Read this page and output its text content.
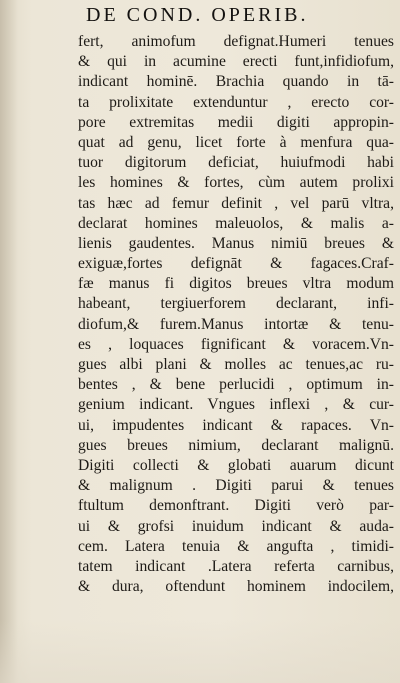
DE COND. OPERIB.
fert, animofum defignat.Humeri tenues
& qui in acumine erecti funt,infidiofum,
indicant hominē. Brachia quando in tā-
ta prolixitate extenduntur , erecto cor-
pore extremitas medii digiti appropin-
quat ad genu, licet forte à menfura qua-
tuor digitorum deficiat, huiufmodi habi
les homines & fortes, cùm autem prolixi
tas hæc ad femur definit , vel parū vltra,
declarat homines maleuolos, & malis a-
lienis gaudentes. Manus nimiū breues &
exiguæ,fortes defignāt & fagaces.Craf-
fæ manus fi digitos breues vltra modum
habeant, tergiuerforem declarant, infi-
diofum,& furem.Manus intortæ & tenu-
es , loquaces fignificant & voracem.Vn-
gues albi plani & molles ac tenues,ac ru-
bentes , & bene perlucidi , optimum in-
genium indicant. Vngues inflexi , & cur-
ui, impudentes indicant & rapaces. Vn-
gues breues nimium, declarant malignū.
Digiti collecti & globati auarum dicunt
& malignum . Digiti parui & tenues
ftultum demonftrant. Digiti verò par-
ui & grofsi inuidum indicant & auda-
cem. Latera tenuia & angufta , timidi-
tatem indicant .Latera referta carnibus,
& dura, oftendunt hominem indocilem,
